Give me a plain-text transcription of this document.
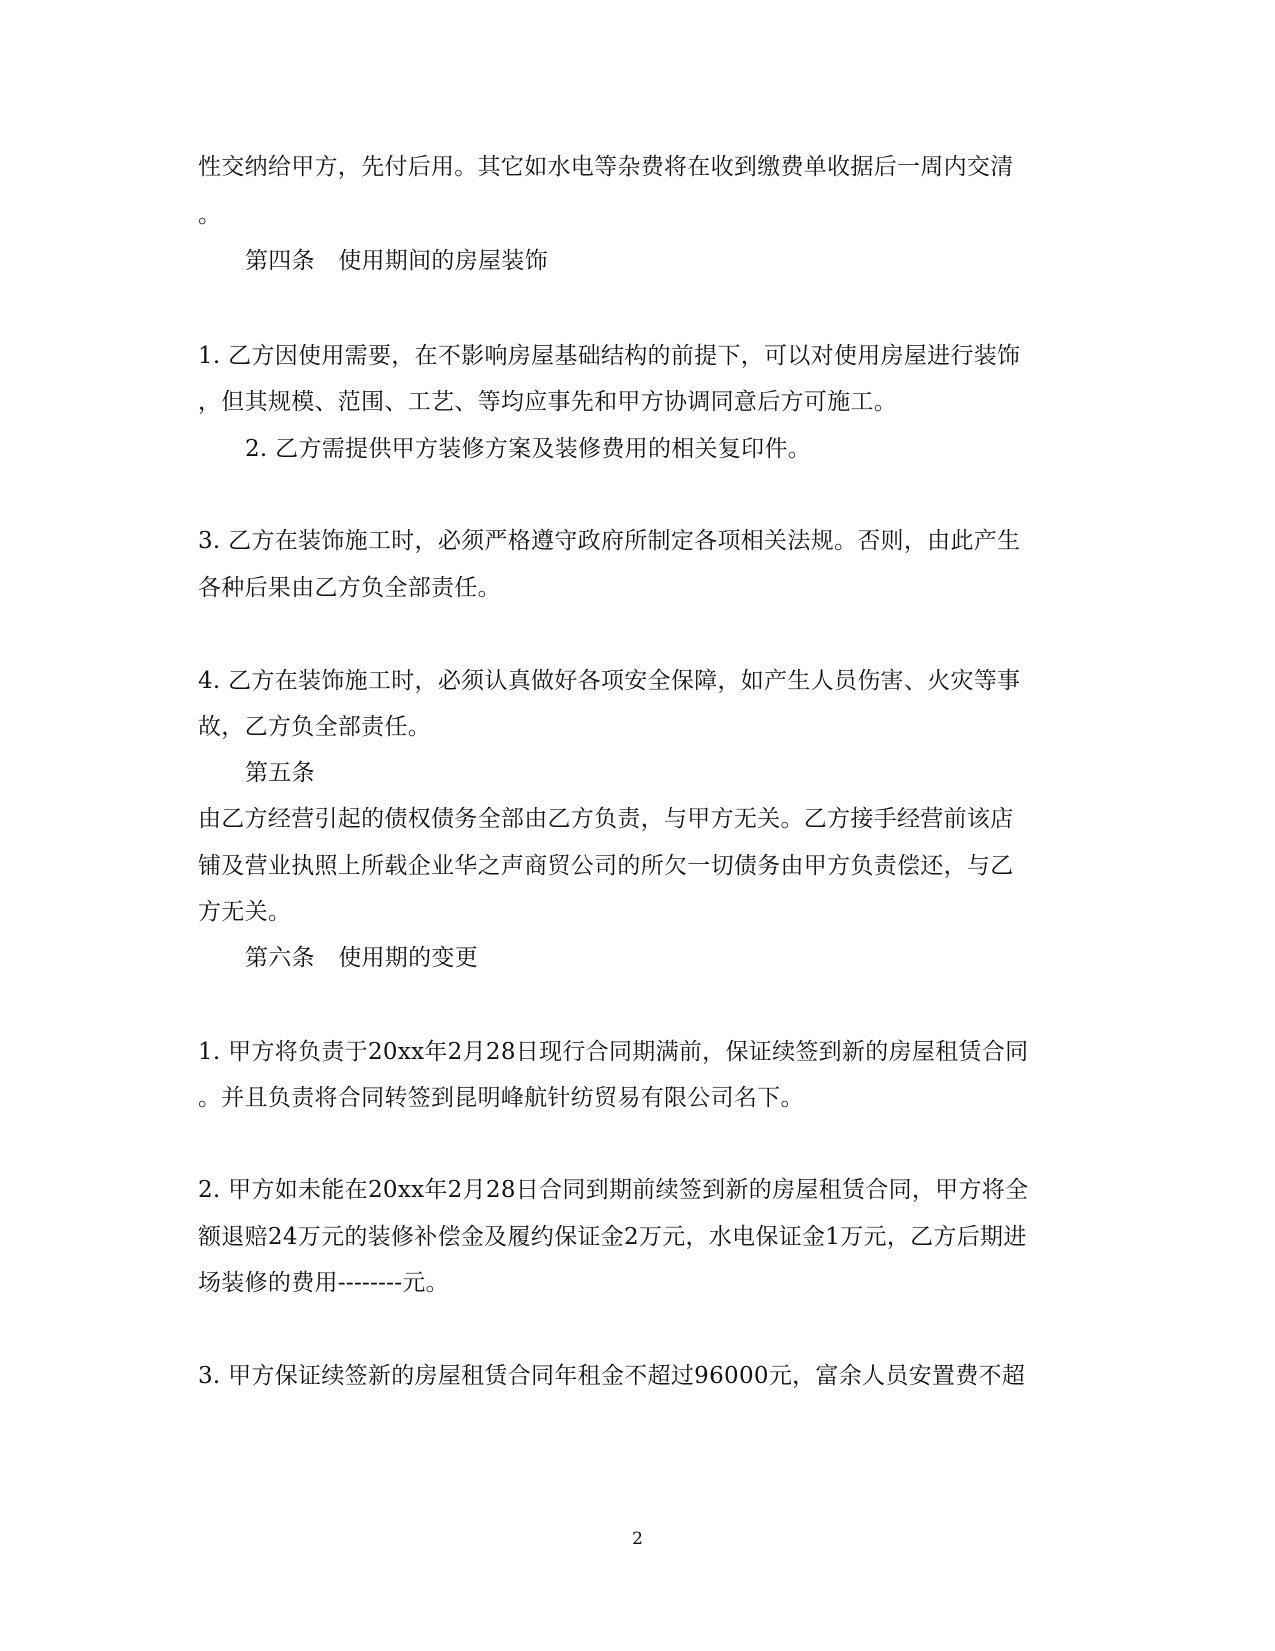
性交纳给甲方，先付后用。其它如水电等杂费将在收到缴费单收据后一周内交清
。
第四条　使用期间的房屋装饰
1. 乙方因使用需要，在不影响房屋基础结构的前提下，可以对使用房屋进行装饰
，但其规模、范围、工艺、等均应事先和甲方协调同意后方可施工。
2. 乙方需提供甲方装修方案及装修费用的相关复印件。
3. 乙方在装饰施工时，必须严格遵守政府所制定各项相关法规。否则，由此产生
各种后果由乙方负全部责任。
4. 乙方在装饰施工时，必须认真做好各项安全保障，如产生人员伤害、火灾等事
故，乙方负全部责任。
第五条
由乙方经营引起的债权债务全部由乙方负责，与甲方无关。乙方接手经营前该店
铺及营业执照上所载企业华之声商贸公司的所欠一切债务由甲方负责偿还，与乙
方无关。
第六条　使用期的变更
1. 甲方将负责于20xx年2月28日现行合同期满前，保证续签到新的房屋租赁合同
。并且负责将合同转签到昆明峰航针纺贸易有限公司名下。
2. 甲方如未能在20xx年2月28日合同到期前续签到新的房屋租赁合同，甲方将全
额退赔24万元的装修补偿金及履约保证金2万元，水电保证金1万元，乙方后期进
场装修的费用--------元。
3. 甲方保证续签新的房屋租赁合同年租金不超过96000元，富余人员安置费不超
2
